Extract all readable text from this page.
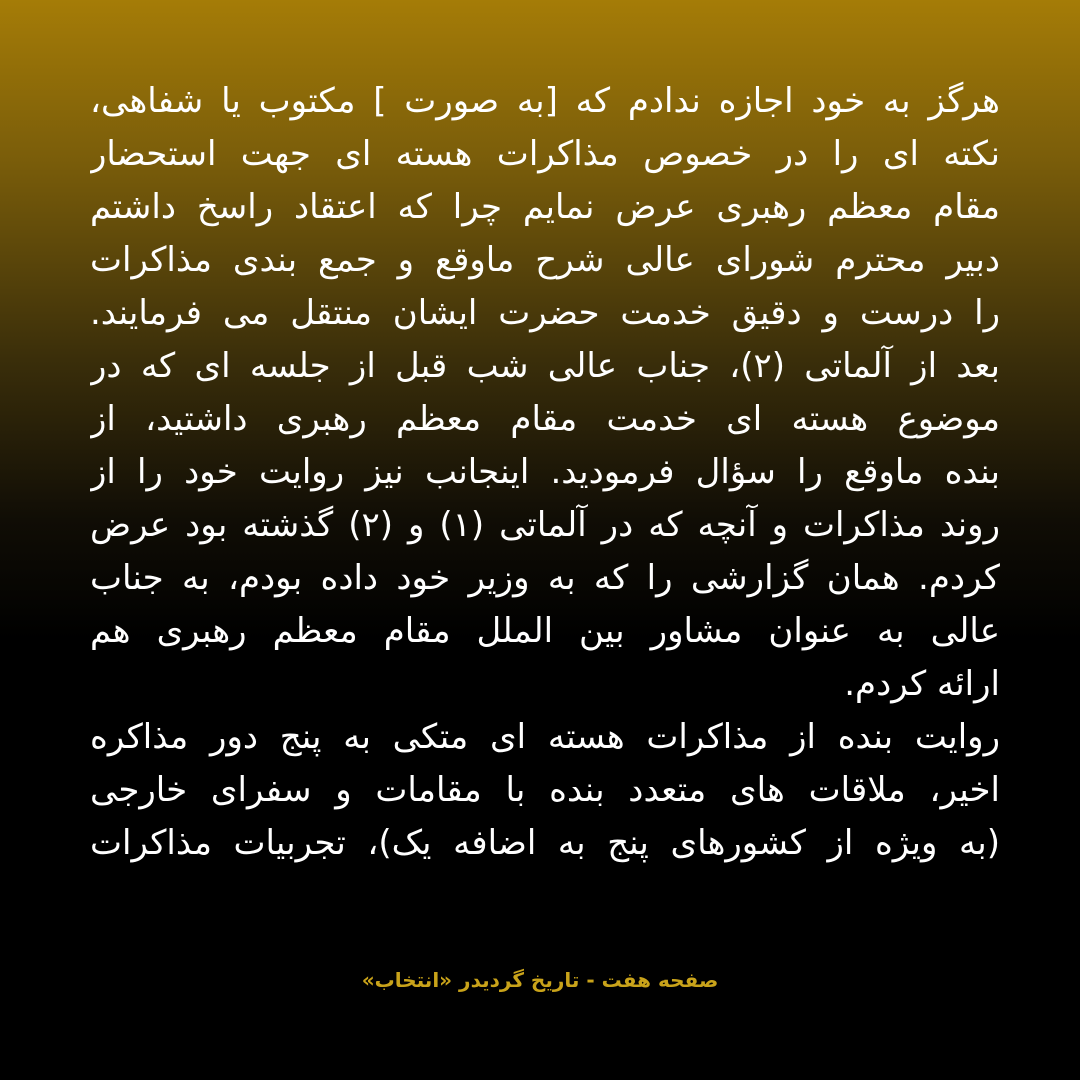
هرگز به خود اجازه ندادم که [به صورت ] مکتوب یا شفاهی،
نکته ای را در خصوص مذاکرات هسته ای جهت استحضار
مقام معظم رهبری عرض نمایم چرا که اعتقاد راسخ داشتم
دبیر محترم شورای عالی شرح ماوقع و جمع بندی مذاکرات
را درست و دقیق خدمت حضرت ایشان منتقل می فرمایند.
بعد از آلماتی (۲)، جناب عالی شب قبل از جلسه ای که در
موضوع هسته ای خدمت مقام معظم رهبری داشتید، از
بنده ماوقع را سؤال فرمودید. اینجانب نیز روایت خود را از
روند مذاکرات و آنچه که در آلماتی (۱) و (۲) گذشته بود عرض
کردم. همان گزارشی را که به وزیر خود داده بودم، به جناب
عالی به عنوان مشاور بین الملل مقام معظم رهبری هم
ارائه کردم.
روایت بنده از مذاکرات هسته ای متکی به پنج دور مذاکره
اخیر، ملاقات های متعدد بنده با مقامات و سفرای خارجی
(به ویژه از کشورهای پنج به اضافه یک)، تجربیات مذاکرات
صفحه هفت - تاریخ گردیدر «انتخاب»
